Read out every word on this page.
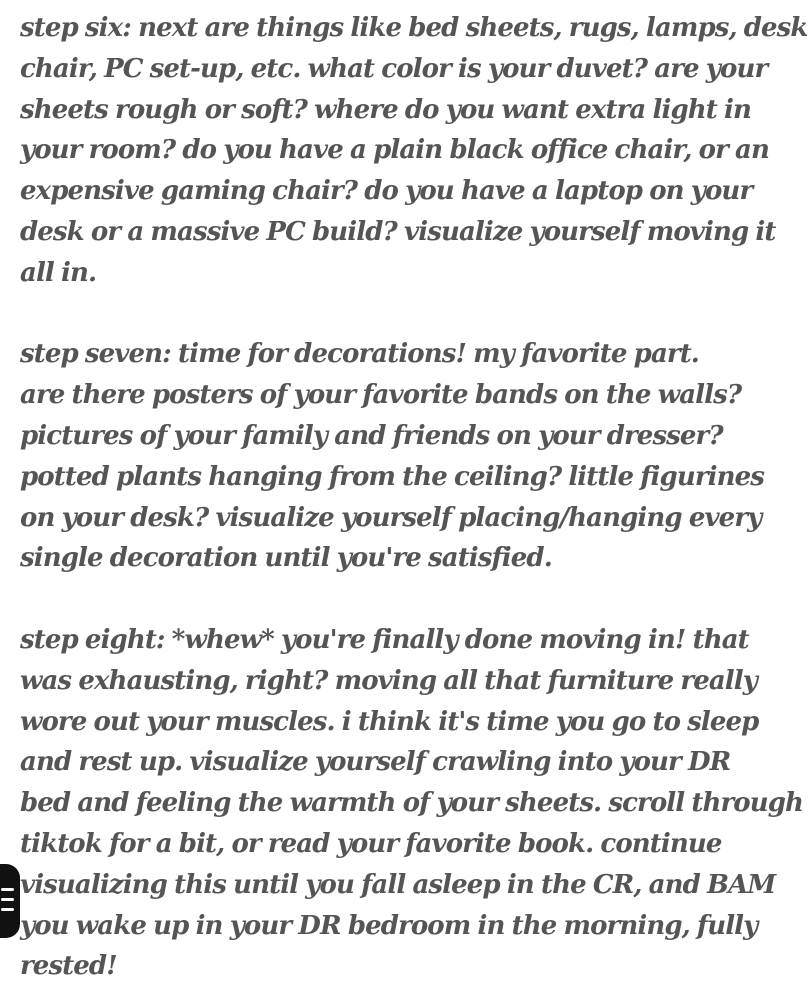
step six: next are things like bed sheets, rugs, lamps, desk
chair, PC set-up, etc. what color is your duvet? are your
sheets rough or soft? where do you want extra light in
your room? do you have a plain black office chair, or an
expensive gaming chair? do you have a laptop on your
desk or a massive PC build? visualize yourself moving it
all in.

step seven: time for decorations! my favorite part.
are there posters of your favorite bands on the walls?
pictures of your family and friends on your dresser?
potted plants hanging from the ceiling? little figurines
on your desk? visualize yourself placing/hanging every
single decoration until you're satisfied.

step eight: *whew* you're finally done moving in! that
was exhausting, right? moving all that furniture really
wore out your muscles. i think it's time you go to sleep
and rest up. visualize yourself crawling into your DR
bed and feeling the warmth of your sheets. scroll through
tiktok for a bit, or read your favorite book. continue
visualizing this until you fall asleep in the CR, and BAM
you wake up in your DR bedroom in the morning, fully
rested!
